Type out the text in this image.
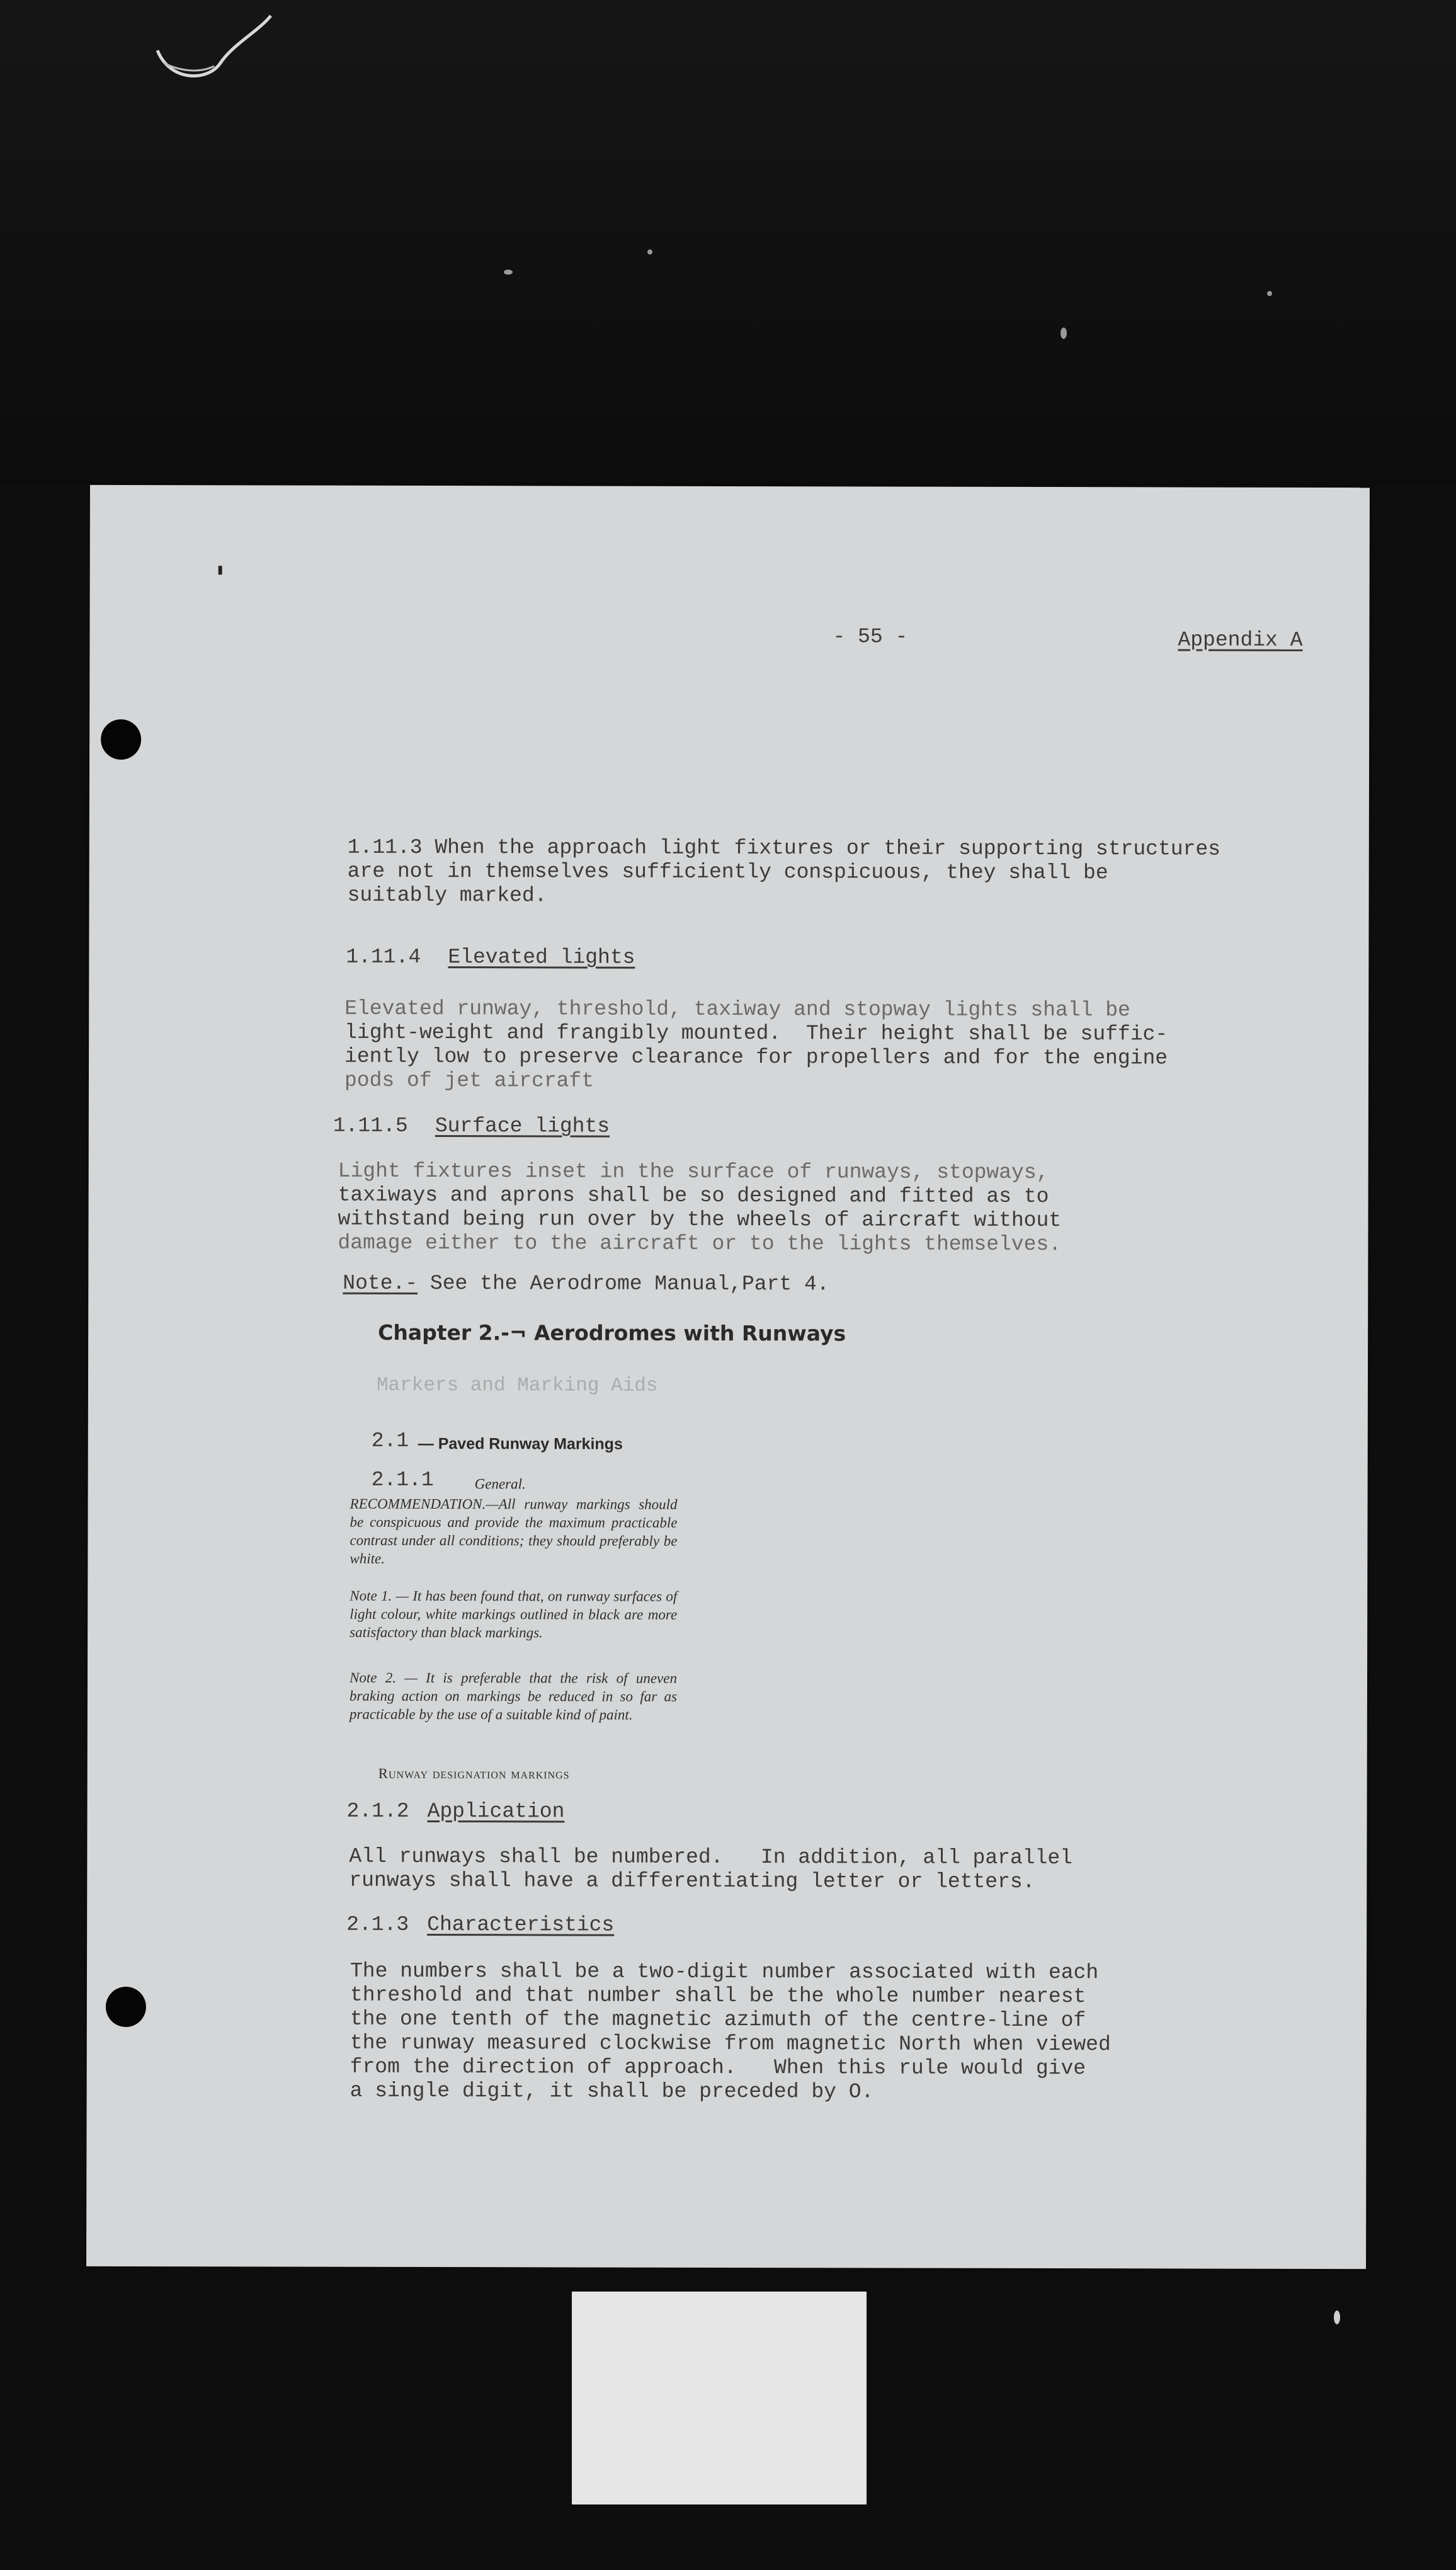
- 55 -	Appendix A
1.11.3 When the approach light fixtures or their supporting structures
are not in themselves sufficiently conspicuous, they shall be
suitably marked.
1.11.4 Elevated lights
Elevated runway, threshold, taxiway and stopway lights shall be
light-weight and frangibly mounted.  Their height shall be suffic-
iently low to preserve clearance for propellers and for the engine
pods of jet aircraft
1.11.5 Surface lights
Light fixtures inset in the surface of runways, stopways,
taxiways and aprons shall be so designed and fitted as to
withstand being run over by the wheels of aircraft without
damage either to the aircraft or to the lights themselves.
Note.- See the Aerodrome Manual,Part 4.
Chapter 2.-¬ Aerodromes with Runways
Markers and Marking Aids
2.1 — Paved Runway Markings
2.1.1	General.
RECOMMENDATION.—All runway markings should be conspicuous and provide the maximum practicable contrast under all conditions; they should preferably be white.
Note 1. — It has been found that, on runway surfaces of light colour, white markings outlined in black are more satisfactory than black markings.
Note 2. — It is preferable that the risk of uneven braking action on markings be reduced in so far as practicable by the use of a suitable kind of paint.
Runway designation markings
2.1.2 Application
All runways shall be numbered.   In addition, all parallel
runways shall have a differentiating letter or letters.
2.1.3 Characteristics
The numbers shall be a two-digit number associated with each
threshold and that number shall be the whole number nearest
the one tenth of the magnetic azimuth of the centre-line of
the runway measured clockwise from magnetic North when viewed
from the direction of approach.   When this rule would give
a single digit, it shall be preceded by O.
